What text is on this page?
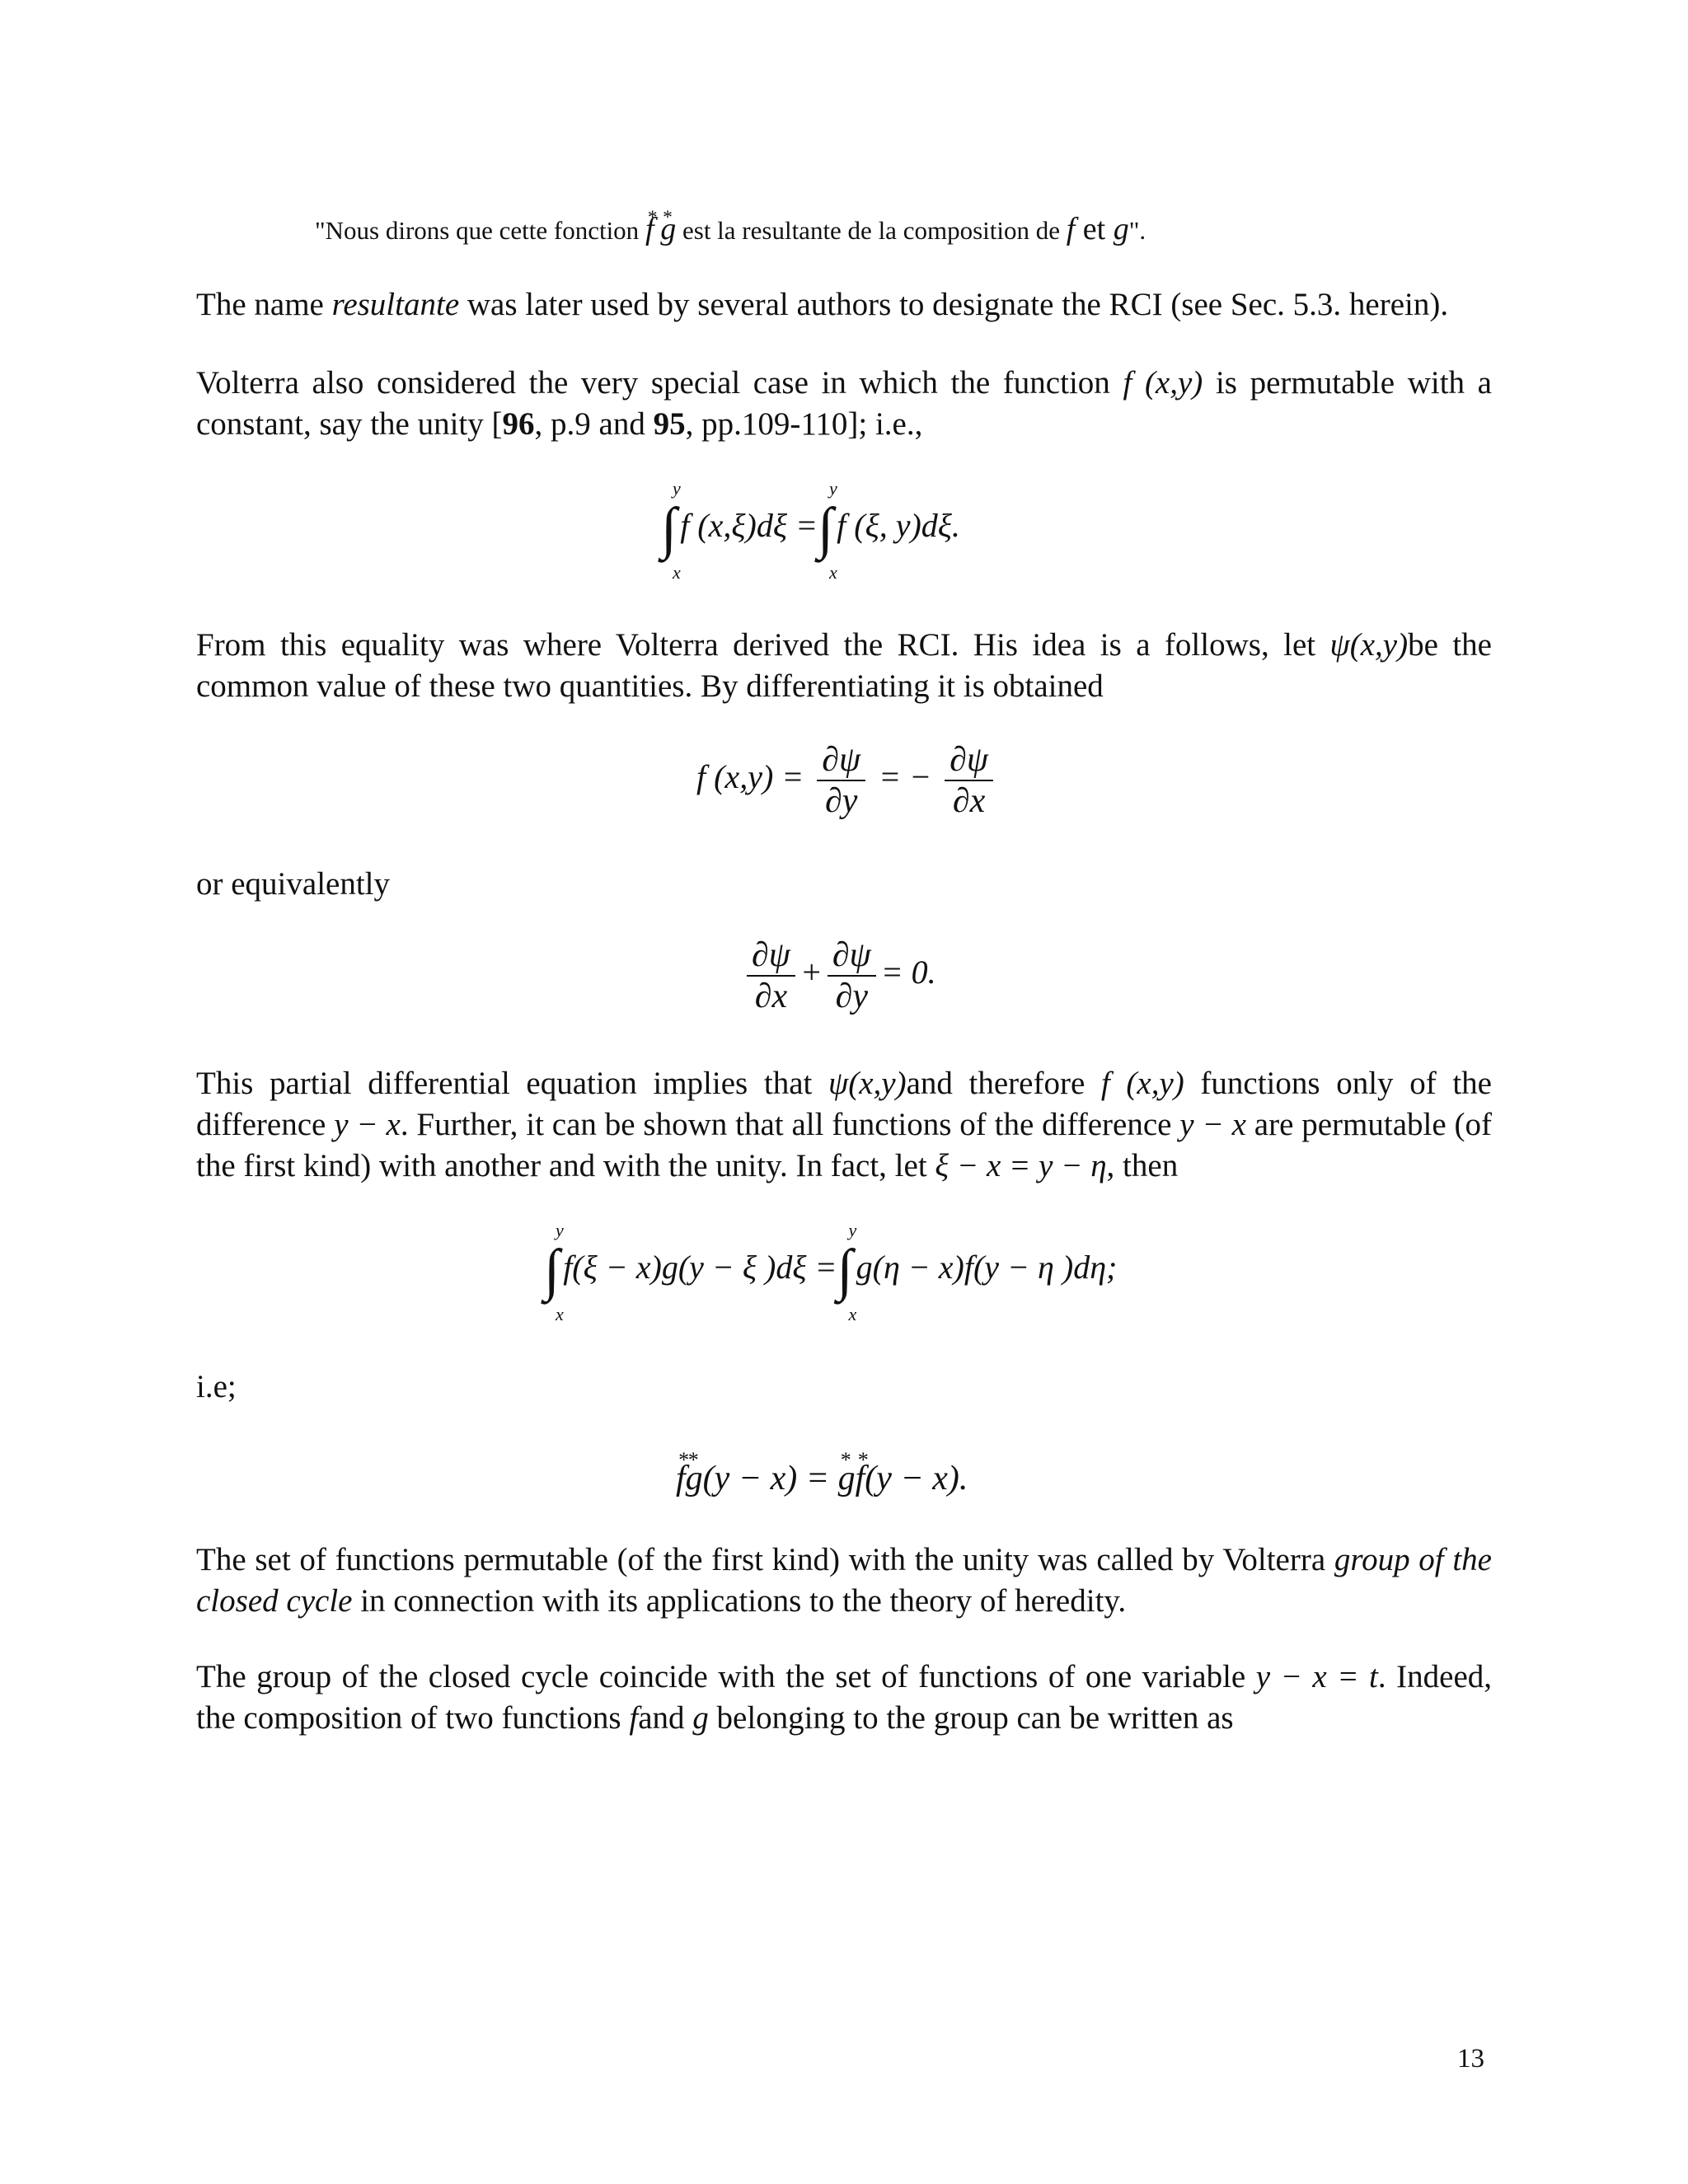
"Nous dirons que cette fonction * f * g est la resultante de la composition de f et g".
The name resultante was later used by several authors to designate the RCI (see Sec. 5.3. herein).
Volterra also considered the very special case in which the function f (x,y) is permutable with a constant, say the unity [96, p.9 and 95, pp.109-110]; i.e.,
∫
y
x
f (x,ξ)dξ =∫
y
x
f (ξ, y)dξ.
From this equality was where Volterra derived the RCI. His idea is a follows, let ψ(x,y)be the common value of these two quantities. By differentiating it is obtained
f $(x,y) = \frac{\partial\psi}{\partial y}$ = − $\frac{\partial\psi}{\partial x}$
or equivalently
$\frac{\partial\psi}{\partial x} + \frac{\partial\psi}{\partial y} = 0$.
This partial differential equation implies that ψ(x,y)and therefore f (x,y) functions only of the difference y − x. Further, it can be shown that all functions of the difference y − x are permutable (of the first kind) with another and with the unity. In fact, let ξ − x = y − η, then
∫
y
x
f(ξ − x)g(y − ξ )dξ =∫
y
x
g(η − x)f(y − η )dη;
i.e;
* f* g(y − x) = * g* f(y − x).
The set of functions permutable (of the first kind) with the unity was called by Volterra group of the closed cycle in connection with its applications to the theory of heredity.
The group of the closed cycle coincide with the set of functions of one variable y − x = t. Indeed, the composition of two functions fand g belonging to the group can be written as
13
